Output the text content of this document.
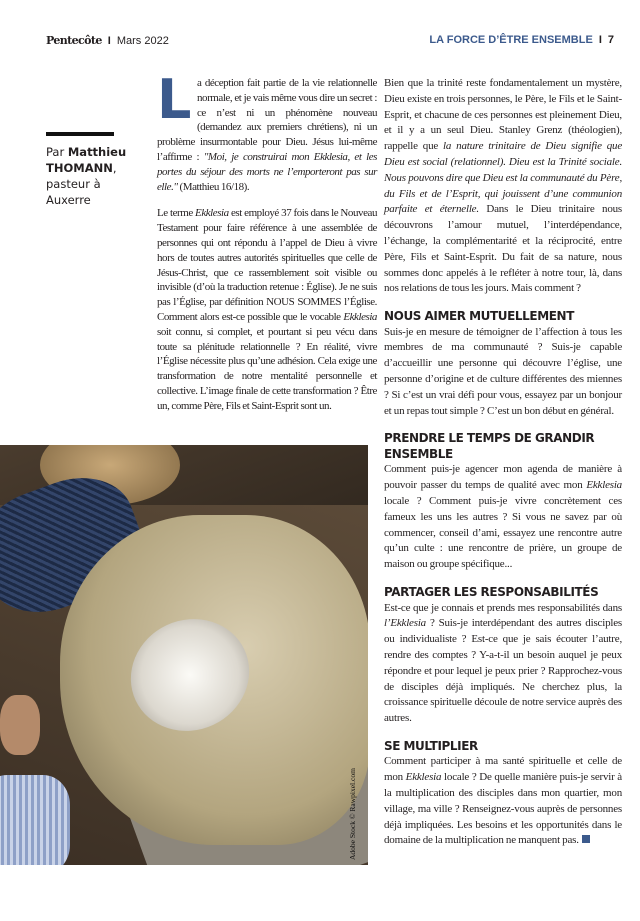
Pentecôte I Mars 2022	LA FORCE D’ÊTRE ENSEMBLE I 7
Par Matthieu THOMANN, pasteur à Auxerre

La déception fait partie de la vie relationnelle normale, et je vais même vous dire un secret : ce n’est ni un phénomène nouveau (demandez aux premiers chrétiens), ni un problème insurmontable pour Dieu. Jésus lui-même l’affirme : "Moi, je construirai mon Ekklesia, et les portes du séjour des morts ne l’emporteront pas sur elle." (Matthieu 16/18).

Le terme Ekklesia est employé 37 fois dans le Nouveau Testament pour faire référence à une assemblée de personnes qui ont répondu à l’appel de Dieu à vivre hors de toutes autres autorités spirituelles que celle de Jésus-Christ, que ce rassemblement soit visible ou invisible (d’où la traduction retenue : Église). Je ne suis pas l’Église, par définition NOUS SOMMES l’Église. Comment alors est-ce possible que le vocable Ekklesia soit connu, si complet, et pourtant si peu vécu dans toute sa plénitude relationnelle ? En réalité, vivre l’Église nécessite plus qu’une adhésion. Cela exige une transformation de notre mentalité personnelle et collective. L’image finale de cette transformation ? Être un, comme Père, Fils et Saint-Esprit sont un.

Bien que la trinité reste fondamentalement un mystère, Dieu existe en trois personnes, le Père, le Fils et le Saint-Esprit, et chacune de ces personnes est pleinement Dieu, et il y a un seul Dieu. Stanley Grenz (théologien), rappelle que la nature trinitaire de Dieu signifie que Dieu est social (relationnel). Dieu est la Trinité sociale. Nous pouvons dire que Dieu est la communauté du Père, du Fils et de l’Esprit, qui jouissent d’une communion parfaite et éternelle. Dans le Dieu trinitaire nous découvrons l’amour mutuel, l’interdépendance, l’échange, la complémentarité et la réciprocité, entre Père, Fils et Saint-Esprit. Du fait de sa nature, nous sommes donc appelés à le refléter à notre tour, là, dans nos relations de tous les jours. Mais comment ?

NOUS AIMER MUTUELLEMENT

Suis-je en mesure de témoigner de l’affection à tous les membres de ma communauté ? Suis-je capable d’accueillir une personne qui découvre l’église, une personne d’origine et de culture différentes des miennes ? Si c’est un vrai défi pour vous, essayez par un bonjour et un repas tout simple ? C’est un bon début en général.

PRENDRE LE TEMPS DE GRANDIR ENSEMBLE

Comment puis-je agencer mon agenda de manière à pouvoir passer du temps de qualité avec mon Ekklesia locale ? Comment puis-je vivre concrètement ces fameux les uns les autres ? Si vous ne savez par où commencer, conseil d’ami, essayez une rencontre autre qu’un culte : une rencontre de prière, un groupe de maison ou groupe spécifique...

PARTAGER LES RESPONSABILITÉS

Est-ce que je connais et prends mes responsabilités dans l’Ekklesia ? Suis-je interdépendant des autres disciples ou individualiste ? Est-ce que je sais écouter l’autre, rendre des comptes ? Y-a-t-il un besoin auquel je peux répondre et pour lequel je peux prier ? Rapprochez-vous de disciples déjà impliqués. Ne cherchez plus, la croissance spirituelle découle de notre service auprès des autres.

SE MULTIPLIER

Comment participer à ma santé spirituelle et celle de mon Ekklesia locale ? De quelle manière puis-je servir à la multiplication des disciples dans mon quartier, mon village, ma ville ? Renseignez-vous auprès de personnes déjà impliquées. Les besoins et les opportunités dans le domaine de la multiplication ne manquent pas.

Adobe Stock © Rawpixel.com
